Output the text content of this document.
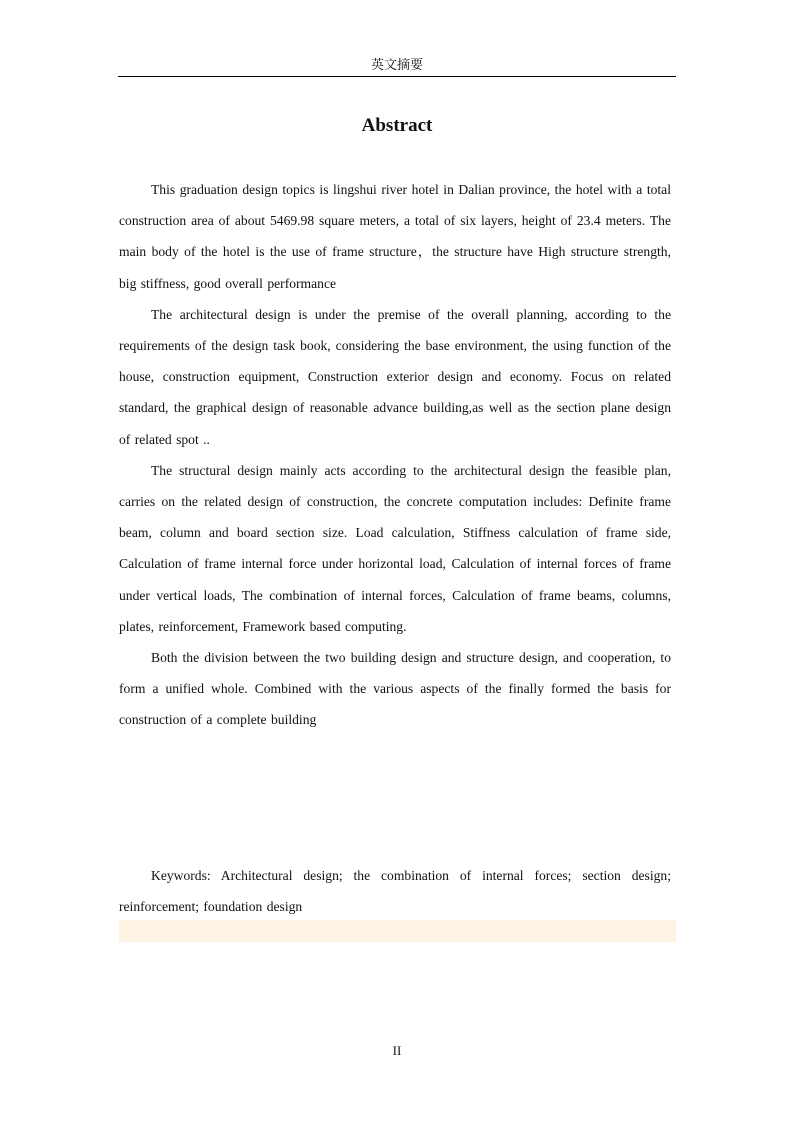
英文摘要
Abstract

This graduation design topics is lingshui river hotel in Dalian province, the hotel with a total construction area of about 5469.98 square meters, a total of six layers, height of 23.4 meters. The main body of the hotel is the use of frame structure，the structure have High structure strength, big stiffness, good overall performance

The architectural design is under the premise of the overall planning, according to the requirements of the design task book, considering the base environment, the using function of the house, construction equipment, Construction exterior design and economy. Focus on related standard, the graphical design of reasonable advance building,as well as the section plane design of related spot ..

The structural design mainly acts according to the architectural design the feasible plan, carries on the related design of construction, the concrete computation includes: Definite frame beam, column and board section size. Load calculation, Stiffness calculation of frame side, Calculation of frame internal force under horizontal load, Calculation of internal forces of frame under vertical loads, The combination of internal forces, Calculation of frame beams, columns, plates, reinforcement, Framework based computing.

Both the division between the two building design and structure design, and cooperation, to form a unified whole. Combined with the various aspects of the finally formed the basis for construction of a complete building

Keywords: Architectural design; the combination of internal forces; section design; reinforcement; foundation design

II
